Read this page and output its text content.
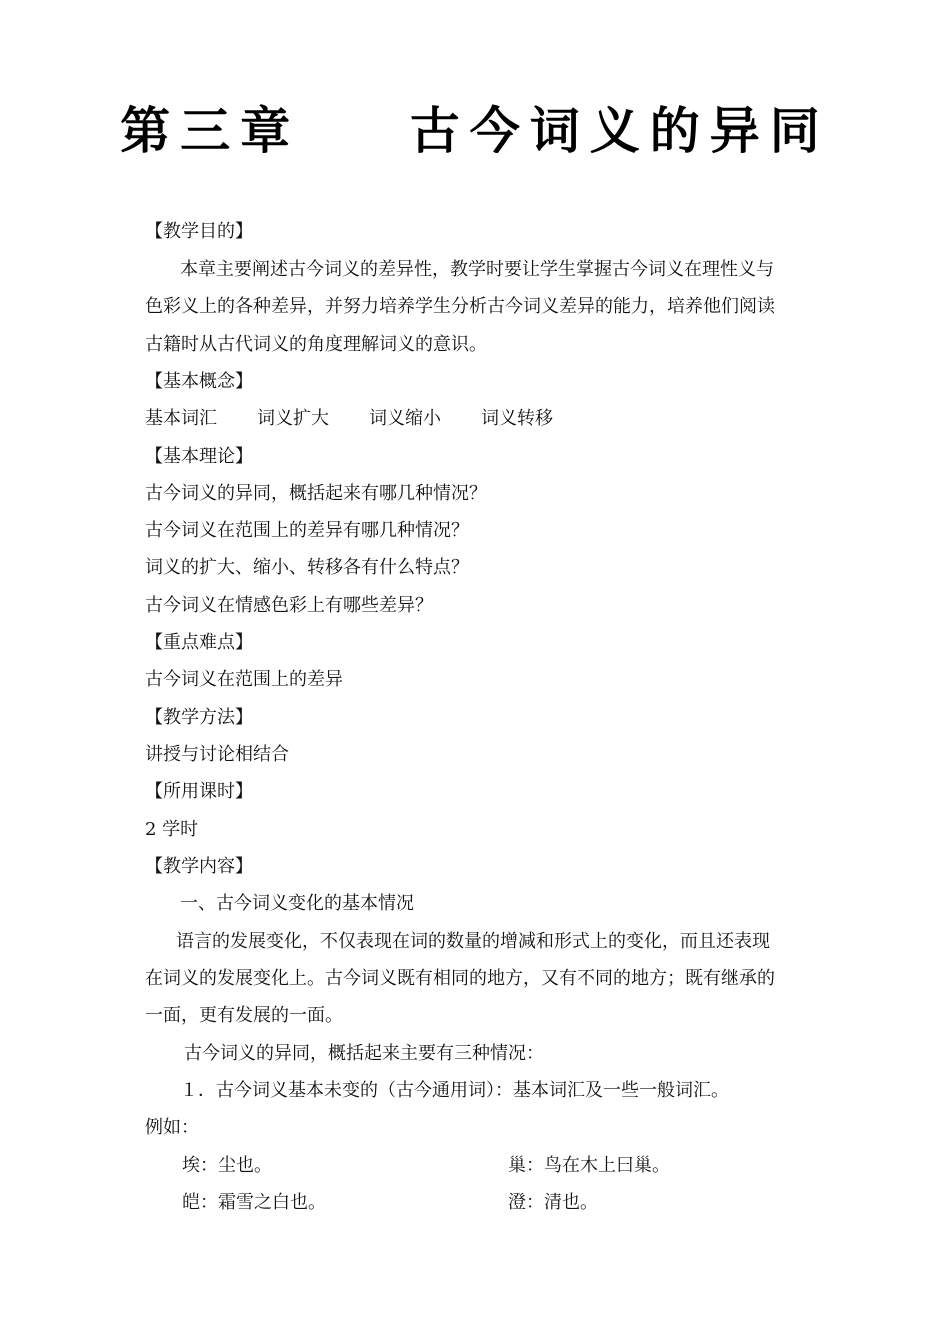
第三章    古今词义的异同
【教学目的】
本章主要阐述古今词义的差异性，教学时要让学生掌握古今词义在理性义与
色彩义上的各种差异，并努力培养学生分析古今词义差异的能力，培养他们阅读
古籍时从古代词义的角度理解词义的意识。
【基本概念】
基本词汇 词义扩大 词义缩小 词义转移
【基本理论】
古今词义的异同，概括起来有哪几种情况？
古今词义在范围上的差异有哪几种情况？
词义的扩大、缩小、转移各有什么特点？
古今词义在情感色彩上有哪些差异？
【重点难点】
古今词义在范围上的差异
【教学方法】
讲授与讨论相结合
【所用课时】
2 学时
【教学内容】
一、古今词义变化的基本情况
语言的发展变化，不仅表现在词的数量的增减和形式上的变化，而且还表现
在词义的发展变化上。古今词义既有相同的地方，又有不同的地方；既有继承的
一面，更有发展的一面。
古今词义的异同，概括起来主要有三种情况：
１．古今词义基本未变的（古今通用词）：基本词汇及一些一般词汇。
例如：
埃：尘也。	巢：鸟在木上曰巢。
皑：霜雪之白也。	澄：清也。
